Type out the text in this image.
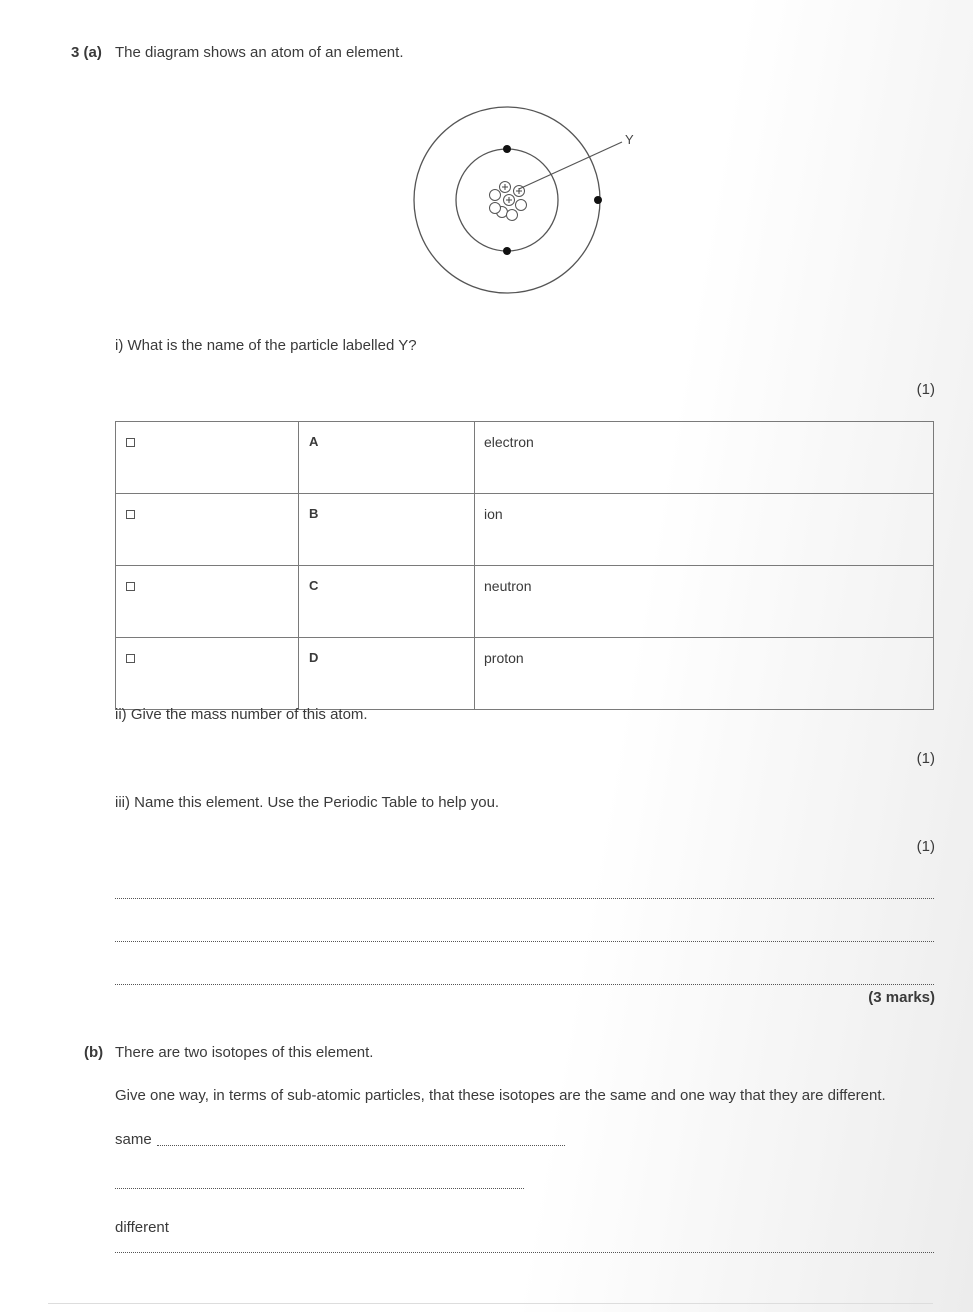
3 (a) The diagram shows an atom of an element.
Y
i) What is the name of the particle labelled Y?
(1)
	A	electron
	B	ion
	C	neutron
	D	proton
ii) Give the mass number of this atom.
(1)
iii) Name this element. Use the Periodic Table to help you.
(1)
(3 marks)
(b) There are two isotopes of this element.
Give one way, in terms of sub-atomic particles, that these isotopes are the same and one way that they are different.
same
different
